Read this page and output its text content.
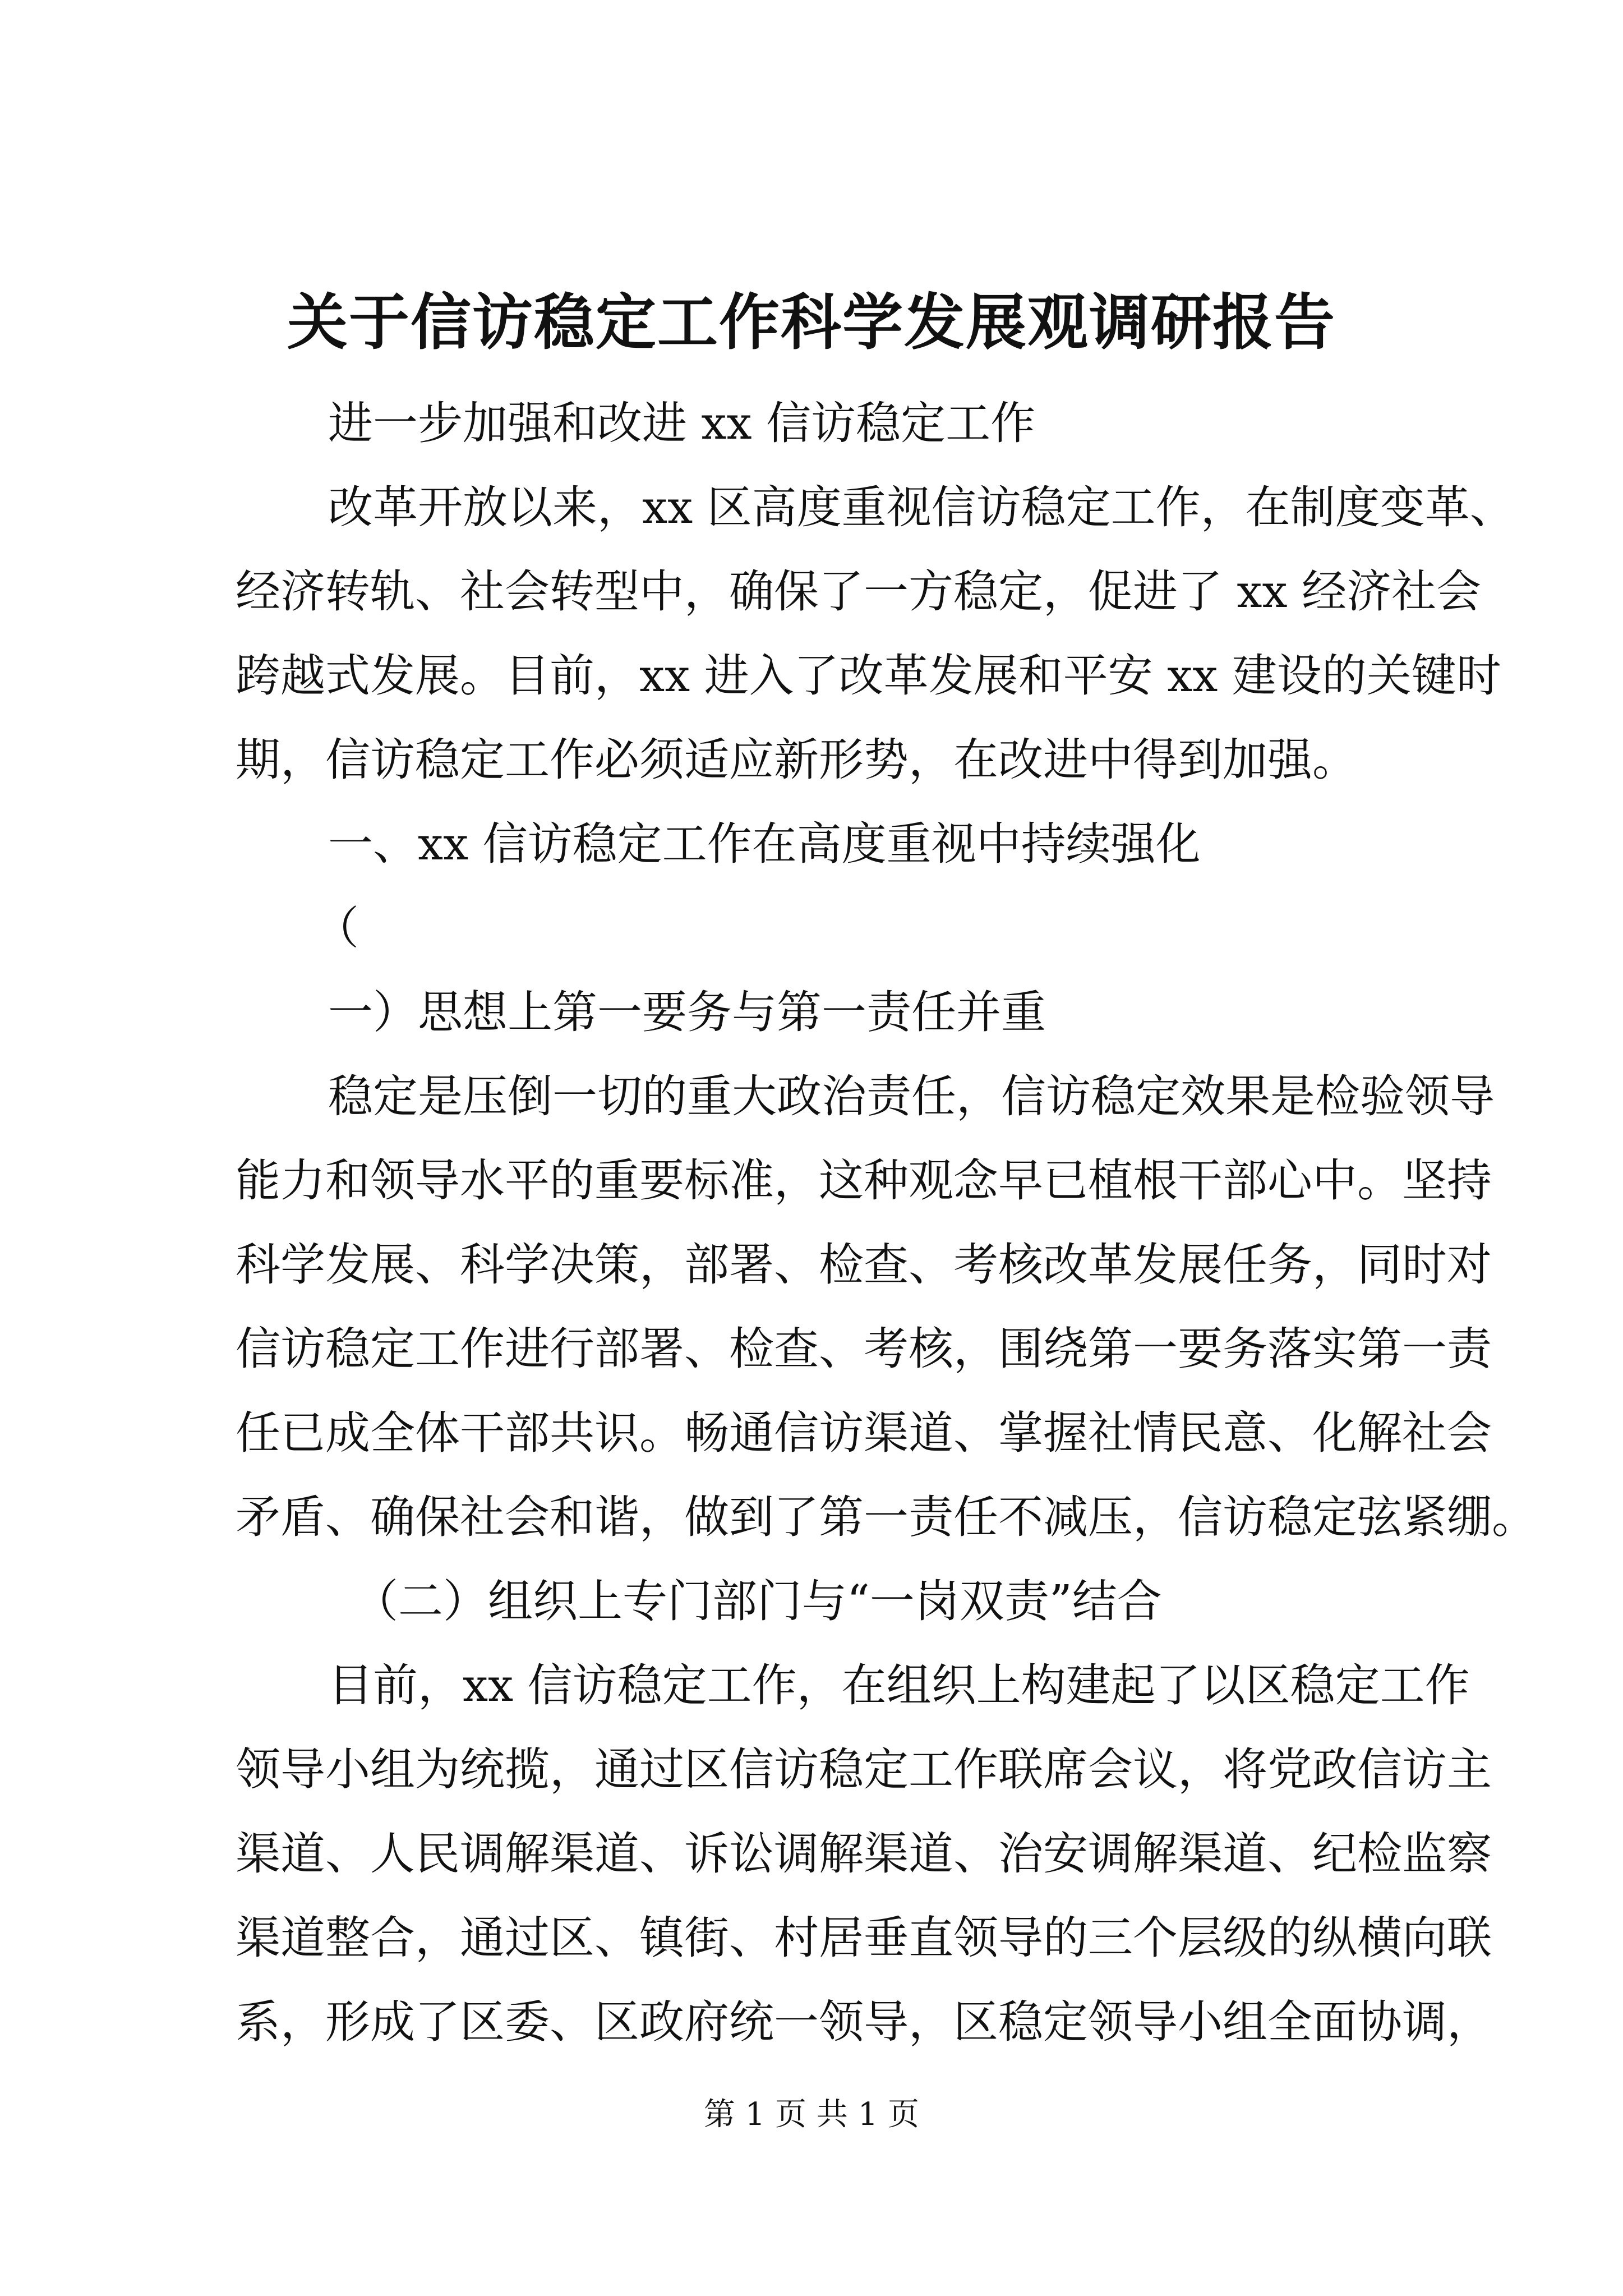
关于信访稳定工作科学发展观调研报告
进一步加强和改进 xx 信访稳定工作
改革开放以来，xx 区高度重视信访稳定工作，在制度变革、
经济转轨、社会转型中，确保了一方稳定，促进了 xx 经济社会
跨越式发展。目前，xx 进入了改革发展和平安 xx 建设的关键时
期，信访稳定工作必须适应新形势，在改进中得到加强。
一、xx 信访稳定工作在高度重视中持续强化
（
一）思想上第一要务与第一责任并重
稳定是压倒一切的重大政治责任，信访稳定效果是检验领导
能力和领导水平的重要标准，这种观念早已植根干部心中。坚持
科学发展、科学决策，部署、检查、考核改革发展任务，同时对
信访稳定工作进行部署、检查、考核，围绕第一要务落实第一责
任已成全体干部共识。畅通信访渠道、掌握社情民意、化解社会
矛盾、确保社会和谐，做到了第一责任不减压，信访稳定弦紧绷。
（二）组织上专门部门与“一岗双责”结合
目前，xx 信访稳定工作，在组织上构建起了以区稳定工作
领导小组为统揽，通过区信访稳定工作联席会议，将党政信访主
渠道、人民调解渠道、诉讼调解渠道、治安调解渠道、纪检监察
渠道整合，通过区、镇街、村居垂直领导的三个层级的纵横向联
系，形成了区委、区政府统一领导，区稳定领导小组全面协调，
第 1 页 共 1 页
